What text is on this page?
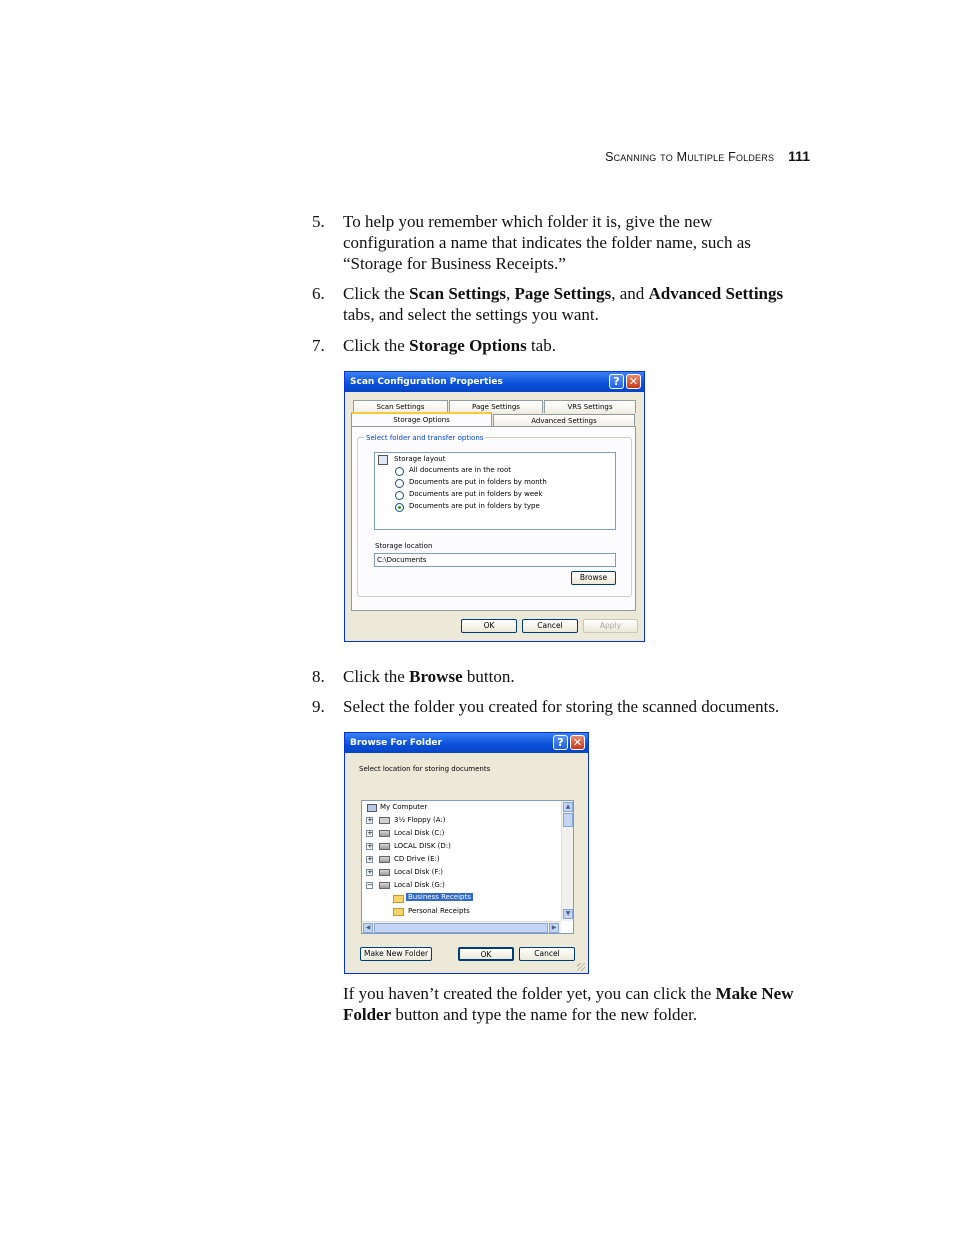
Scanning to Multiple Folders 111
5.	To help you remember which folder it is, give the new configuration a name that indicates the folder name, such as “Storage for Business Receipts.”
6.	Click the Scan Settings, Page Settings, and Advanced Settings tabs, and select the settings you want.
7.	Click the Storage Options tab.
Scan Configuration Properties	? ✕
Scan Settings	Page Settings	VRS Settings
Storage Options	Advanced Settings
Select folder and transfer options
Storage layout
All documents are in the root
Documents are put in folders by month
Documents are put in folders by week
Documents are put in folders by type
Storage location
C:\Documents
Browse
OK	Cancel	Apply
8.	Click the Browse button.
9.	Select the folder you created for storing the scanned documents.
Browse For Folder	? ✕
Select location for storing documents
My Computer
+	3½ Floppy (A:)
+	Local Disk (C:)
+	LOCAL DISK (D:)
+	CD Drive (E:)
+	Local Disk (F:)
−	Local Disk (G:)
Business Receipts
Personal Receipts
▲
▼
◀	▶
Make New Folder	OK	Cancel
If you haven’t created the folder yet, you can click the Make New Folder button and type the name for the new folder.
